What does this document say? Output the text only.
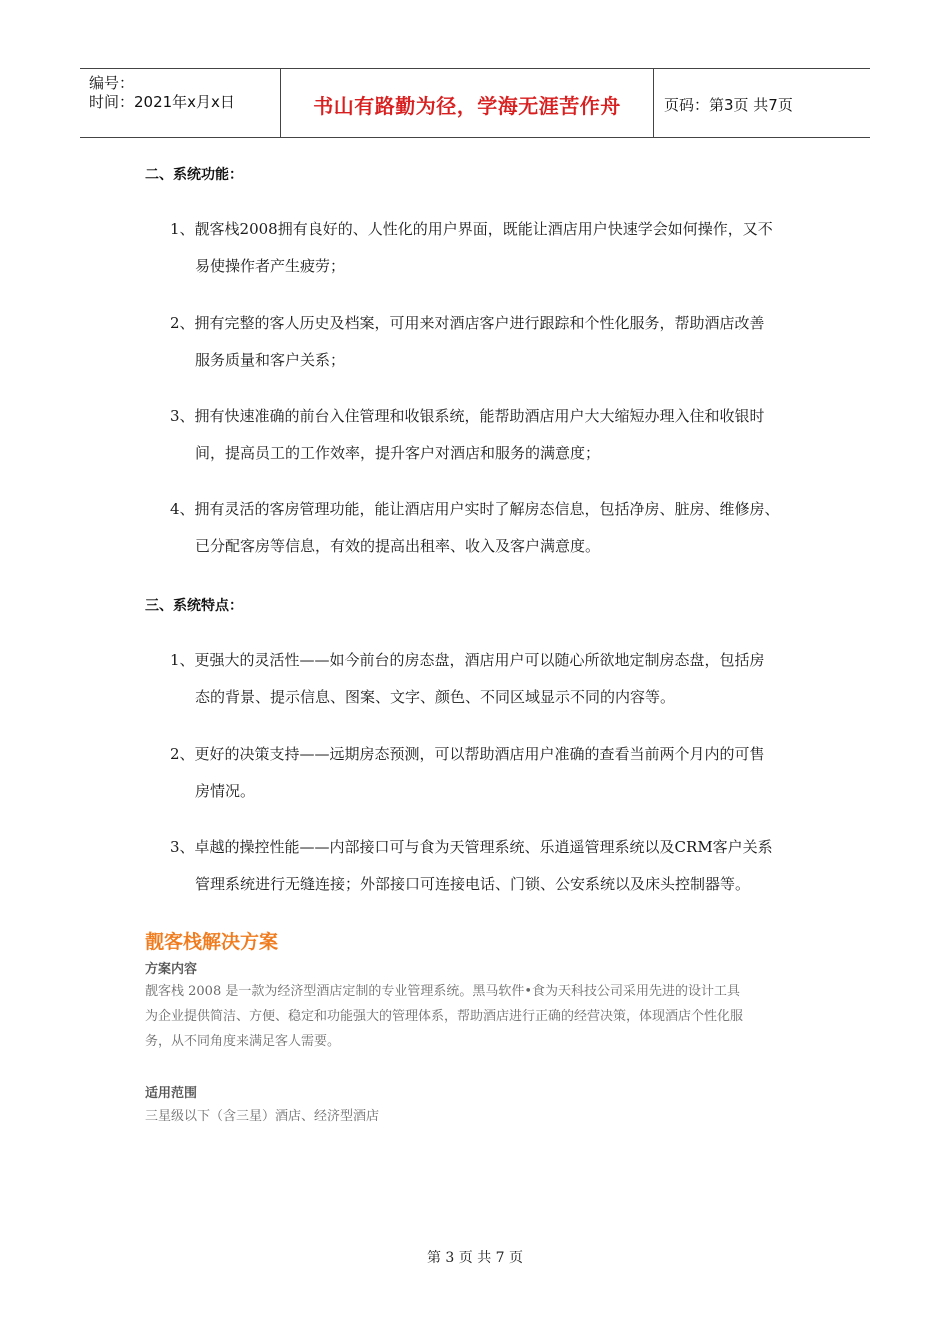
编号：
时间：2021年x月x日	书山有路勤为径，学海无涯苦作舟	页码：第3页 共7页
二、系统功能：
1、靓客栈2008拥有良好的、人性化的用户界面，既能让酒店用户快速学会如何操作，又不
易使操作者产生疲劳；
2、拥有完整的客人历史及档案，可用来对酒店客户进行跟踪和个性化服务，帮助酒店改善
服务质量和客户关系；
3、拥有快速准确的前台入住管理和收银系统，能帮助酒店用户大大缩短办理入住和收银时
间，提高员工的工作效率，提升客户对酒店和服务的满意度；
4、拥有灵活的客房管理功能，能让酒店用户实时了解房态信息，包括净房、脏房、维修房、
已分配客房等信息，有效的提高出租率、收入及客户满意度。
三、系统特点：
1、更强大的灵活性——如今前台的房态盘，酒店用户可以随心所欲地定制房态盘，包括房
态的背景、提示信息、图案、文字、颜色、不同区域显示不同的内容等。
2、更好的决策支持——远期房态预测，可以帮助酒店用户准确的查看当前两个月内的可售
房情况。
3、卓越的操控性能——内部接口可与食为天管理系统、乐逍遥管理系统以及CRM客户关系
管理系统进行无缝连接；外部接口可连接电话、门锁、公安系统以及床头控制器等。
靓客栈解决方案
方案内容
靓客栈 2008 是一款为经济型酒店定制的专业管理系统。黑马软件•食为天科技公司采用先进的设计工具
为企业提供简洁、方便、稳定和功能强大的管理体系，帮助酒店进行正确的经营决策，体现酒店个性化服
务，从不同角度来满足客人需要。
适用范围
三星级以下（含三星）酒店、经济型酒店
第 3 页 共 7 页
